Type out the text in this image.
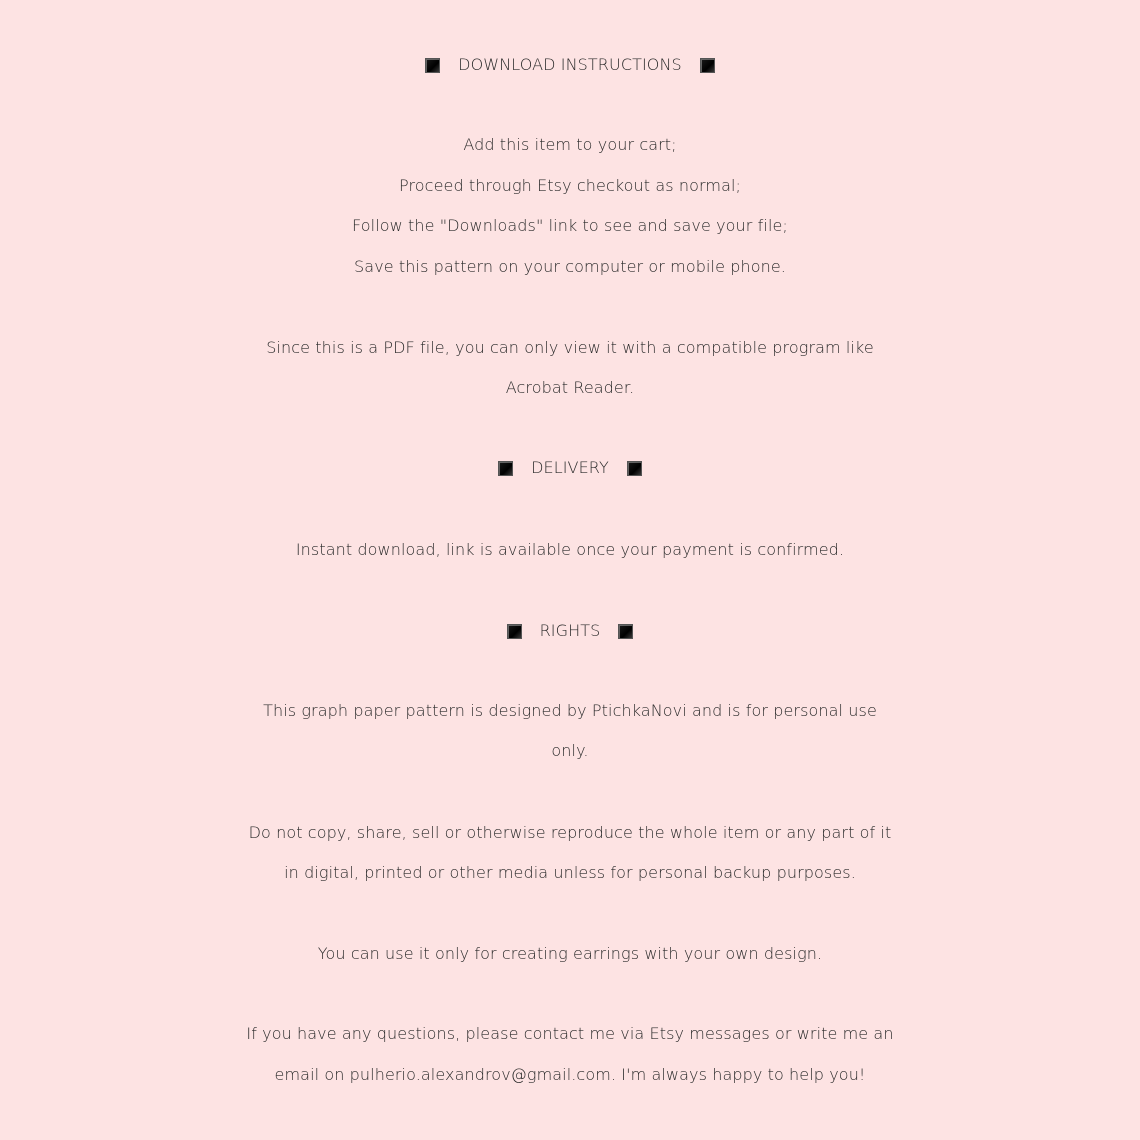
DOWNLOAD INSTRUCTIONS
Add this item to your cart;
Proceed through Etsy checkout as normal;
Follow the "Downloads" link to see and save your file;
Save this pattern on your computer or mobile phone.
Since this is a PDF file, you can only view it with a compatible program like
Acrobat Reader.
DELIVERY
Instant download, link is available once your payment is confirmed.
RIGHTS
This graph paper pattern is designed by PtichkaNovi and is for personal use
only.
Do not copy, share, sell or otherwise reproduce the whole item or any part of it
in digital, printed or other media unless for personal backup purposes.
You can use it only for creating earrings with your own design.
If you have any questions, please contact me via Etsy messages or write me an
email on pulherio.alexandrov@gmail.com. I'm always happy to help you!
